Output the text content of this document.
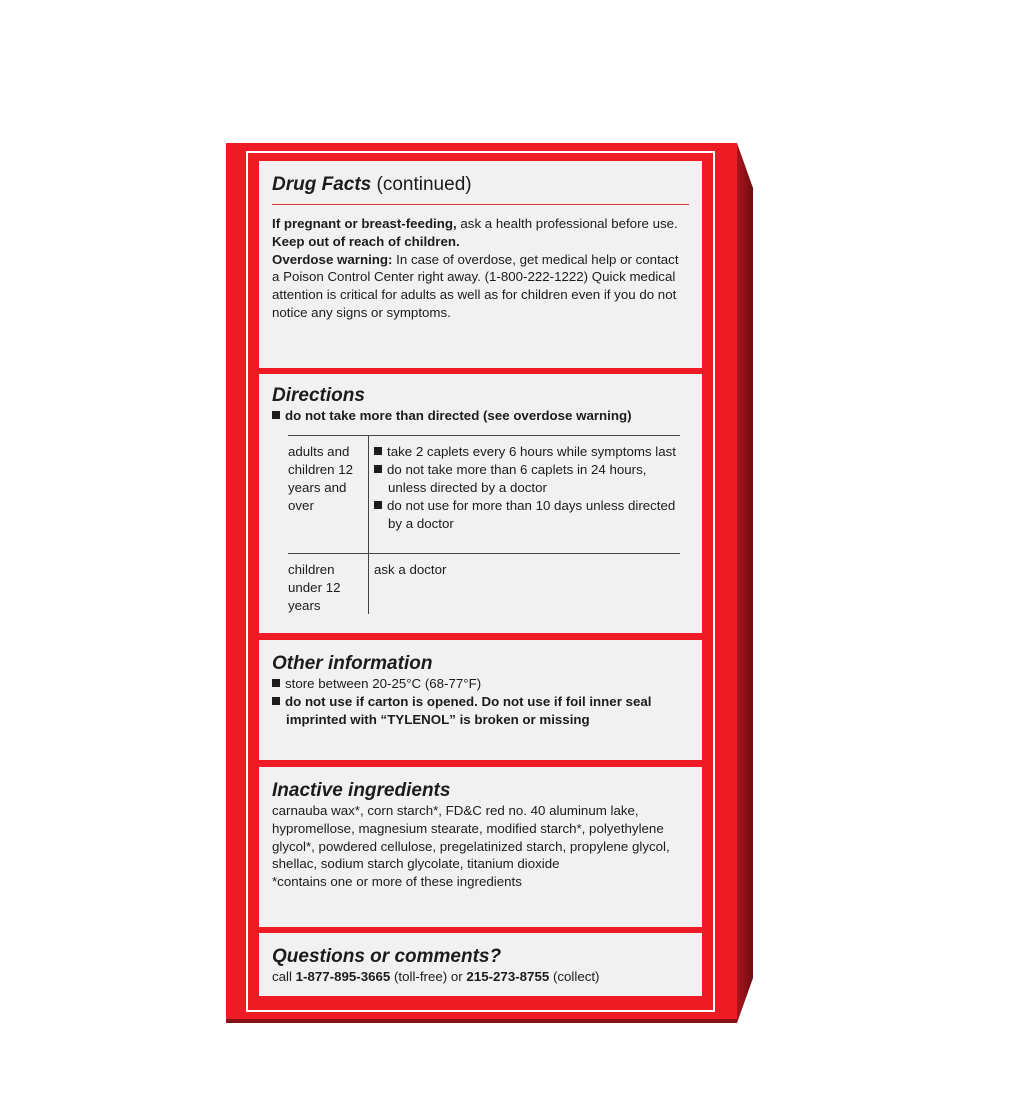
Drug Facts (continued)
If pregnant or breast-feeding, ask a health professional before use.
Keep out of reach of children.
Overdose warning: In case of overdose, get medical help or contact a Poison Control Center right away. (1-800-222-1222) Quick medical attention is critical for adults as well as for children even if you do not notice any signs or symptoms.
Directions
do not take more than directed (see overdose warning)
adults and children 12 years and over
take 2 caplets every 6 hours while symptoms last
do not take more than 6 caplets in 24 hours, unless directed by a doctor
do not use for more than 10 days unless directed by a doctor
children under 12 years
ask a doctor
Other information
store between 20-25°C (68-77°F)
do not use if carton is opened. Do not use if foil inner seal imprinted with “TYLENOL” is broken or missing
Inactive ingredients
carnauba wax*, corn starch*, FD&C red no. 40 aluminum lake, hypromellose, magnesium stearate, modified starch*, polyethylene glycol*, powdered cellulose, pregelatinized starch, propylene glycol, shellac, sodium starch glycolate, titanium dioxide
*contains one or more of these ingredients
Questions or comments?
call 1-877-895-3665 (toll-free) or 215-273-8755 (collect)
